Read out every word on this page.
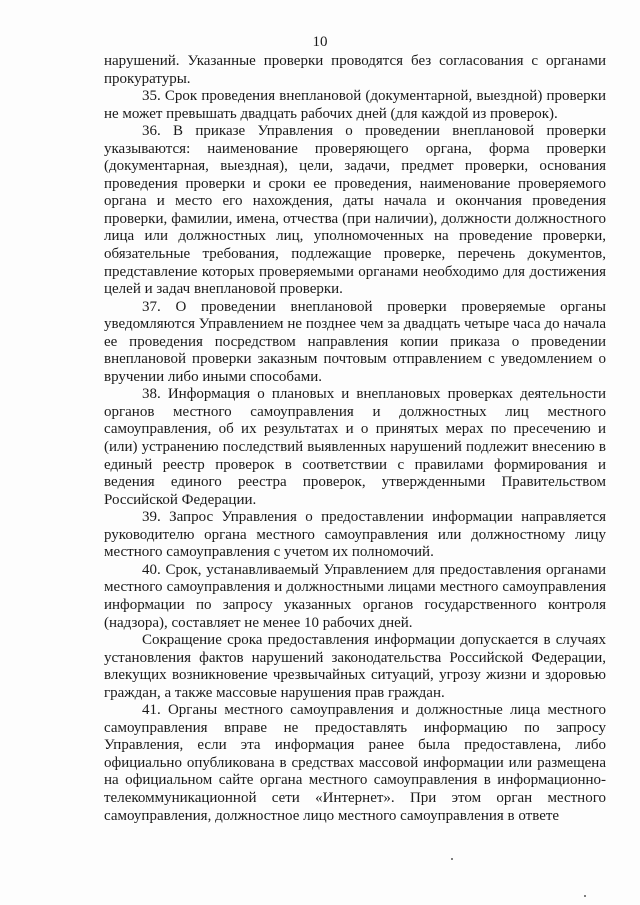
10

нарушений. Указанные проверки проводятся без согласования с органами прокуратуры.

35. Срок проведения внеплановой (документарной, выездной) проверки не может превышать двадцать рабочих дней (для каждой из проверок).

36. В приказе Управления о проведении внеплановой проверки указываются: наименование проверяющего органа, форма проверки (документарная, выездная), цели, задачи, предмет проверки, основания проведения проверки и сроки ее проведения, наименование проверяемого органа и место его нахождения, даты начала и окончания проведения проверки, фамилии, имена, отчества (при наличии), должности должностного лица или должностных лиц, уполномоченных на проведение проверки, обязательные требования, подлежащие проверке, перечень документов, представление которых проверяемыми органами необходимо для достижения целей и задач внеплановой проверки.

37. О проведении внеплановой проверки проверяемые органы уведомляются Управлением не позднее чем за двадцать четыре часа до начала ее проведения посредством направления копии приказа о проведении внеплановой проверки заказным почтовым отправлением с уведомлением о вручении либо иными способами.

38. Информация о плановых и внеплановых проверках деятельности органов местного самоуправления и должностных лиц местного самоуправления, об их результатах и о принятых мерах по пресечению и (или) устранению последствий выявленных нарушений подлежит внесению в единый реестр проверок в соответствии с правилами формирования и ведения единого реестра проверок, утвержденными Правительством Российской Федерации.

39. Запрос Управления о предоставлении информации направляется руководителю органа местного самоуправления или должностному лицу местного самоуправления с учетом их полномочий.

40. Срок, устанавливаемый Управлением для предоставления органами местного самоуправления и должностными лицами местного самоуправления информации по запросу указанных органов государственного контроля (надзора), составляет не менее 10 рабочих дней.

Сокращение срока предоставления информации допускается в случаях установления фактов нарушений законодательства Российской Федерации, влекущих возникновение чрезвычайных ситуаций, угрозу жизни и здоровью граждан, а также массовые нарушения прав граждан.

41. Органы местного самоуправления и должностные лица местного самоуправления вправе не предоставлять информацию по запросу Управления, если эта информация ранее была предоставлена, либо официально опубликована в средствах массовой информации или размещена на официальном сайте органа местного самоуправления в информационно-телекоммуникационной сети «Интернет». При этом орган местного самоуправления, должностное лицо местного самоуправления в ответе
